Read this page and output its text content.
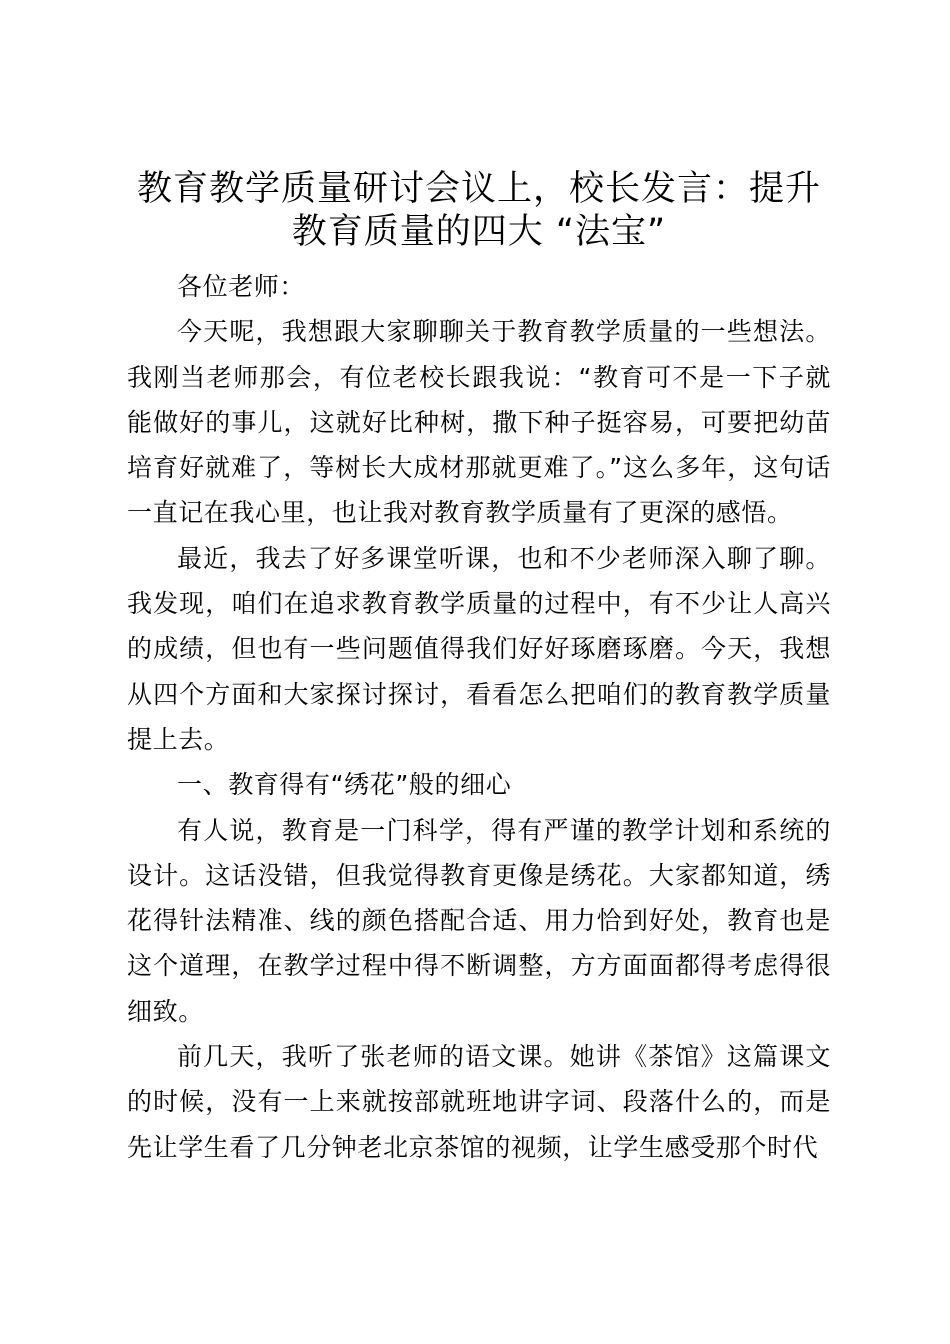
教育教学质量研讨会议上，校长发言：提升教育质量的四大 “法宝”

各位老师：

今天呢，我想跟大家聊聊关于教育教学质量的一些想法。我刚当老师那会，有位老校长跟我说：“教育可不是一下子就能做好的事儿，这就好比种树，撒下种子挺容易，可要把幼苗培育好就难了，等树长大成材那就更难了。”这么多年，这句话一直记在我心里，也让我对教育教学质量有了更深的感悟。

最近，我去了好多课堂听课，也和不少老师深入聊了聊。我发现，咱们在追求教育教学质量的过程中，有不少让人高兴的成绩，但也有一些问题值得我们好好琢磨琢磨。今天，我想从四个方面和大家探讨探讨，看看怎么把咱们的教育教学质量提上去。

一、教育得有“绣花”般的细心

有人说，教育是一门科学，得有严谨的教学计划和系统的设计。这话没错，但我觉得教育更像是绣花。大家都知道，绣花得针法精准、线的颜色搭配合适、用力恰到好处，教育也是这个道理，在教学过程中得不断调整，方方面面都得考虑得很细致。

前几天，我听了张老师的语文课。她讲《茶馆》这篇课文的时候，没有一上来就按部就班地讲字词、段落什么的，而是先让学生看了几分钟老北京茶馆的视频，让学生感受那个时代
